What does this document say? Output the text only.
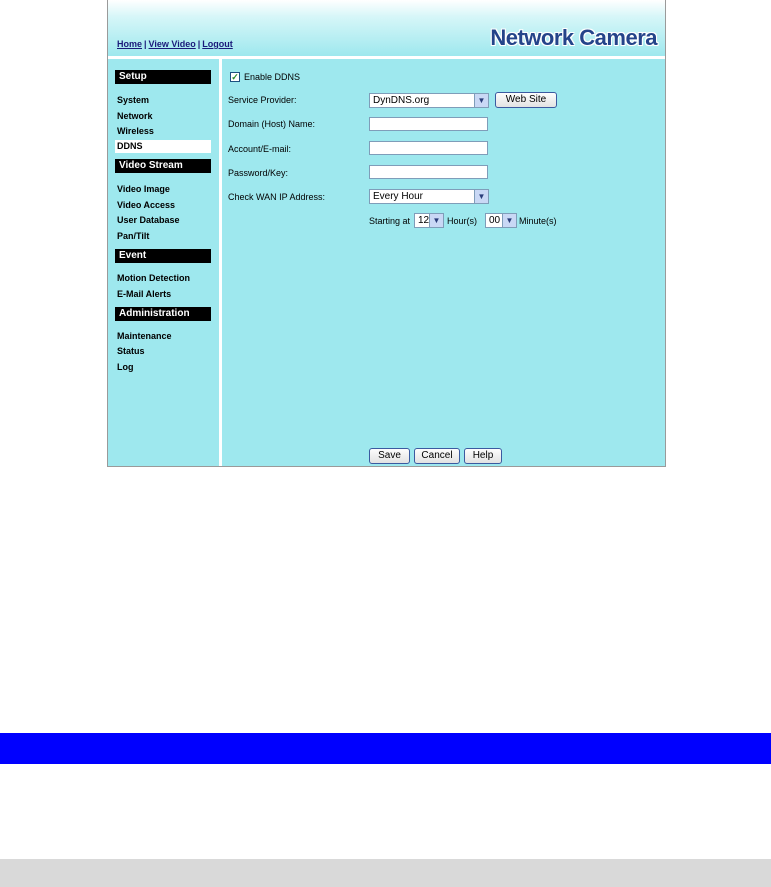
Home | View Video | Logout	Network Camera
Setup
System
Network
Wireless
DDNS
Video Stream
Video Image
Video Access
User Database
Pan/Tilt
Event
Motion Detection
E-Mail Alerts
Administration
Maintenance
Status
Log
✓ Enable DDNS
Service Provider:	DynDNS.org	▼	Web Site
Domain (Host) Name:
Account/E-mail:
Password/Key:
Check WAN IP Address:	Every Hour	▼
Starting at 12 ▼ Hour(s)	00 ▼ Minute(s)
Save	Cancel	Help
